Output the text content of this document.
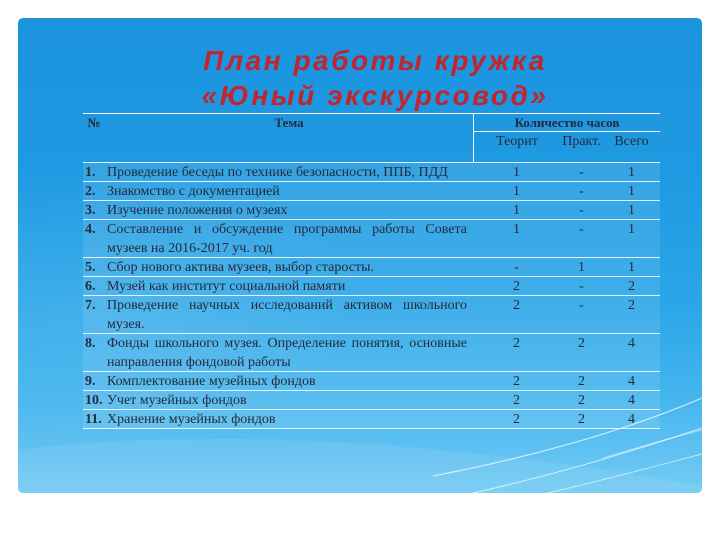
План работы кружка
«Юный экскурсовод»
№	Тема	Количество часов		
		Теорит	Практ.	Всего
1.	Проведение беседы по технике безопасности, ППБ, ПДД	1	-	1
2.	Знакомство с документацией	1	-	1
3.	Изучение положения о музеях	1	-	1
4.	Составление и обсуждение программы работы Совета музеев на 2016-2017 уч. год	1	-	1
5.	Сбор нового актива музеев, выбор старосты.	-	1	1
6.	Музей как институт социальной памяти	2	-	2
7.	Проведение научных исследований активом школьного музея.	2	-	2
8.	Фонды школьного музея. Определение понятия, основные направления фондовой работы	2	2	4
9.	Комплектование музейных фондов	2	2	4
10.	Учет музейных фондов	2	2	4
11.	Хранение музейных фондов	2	2	4
